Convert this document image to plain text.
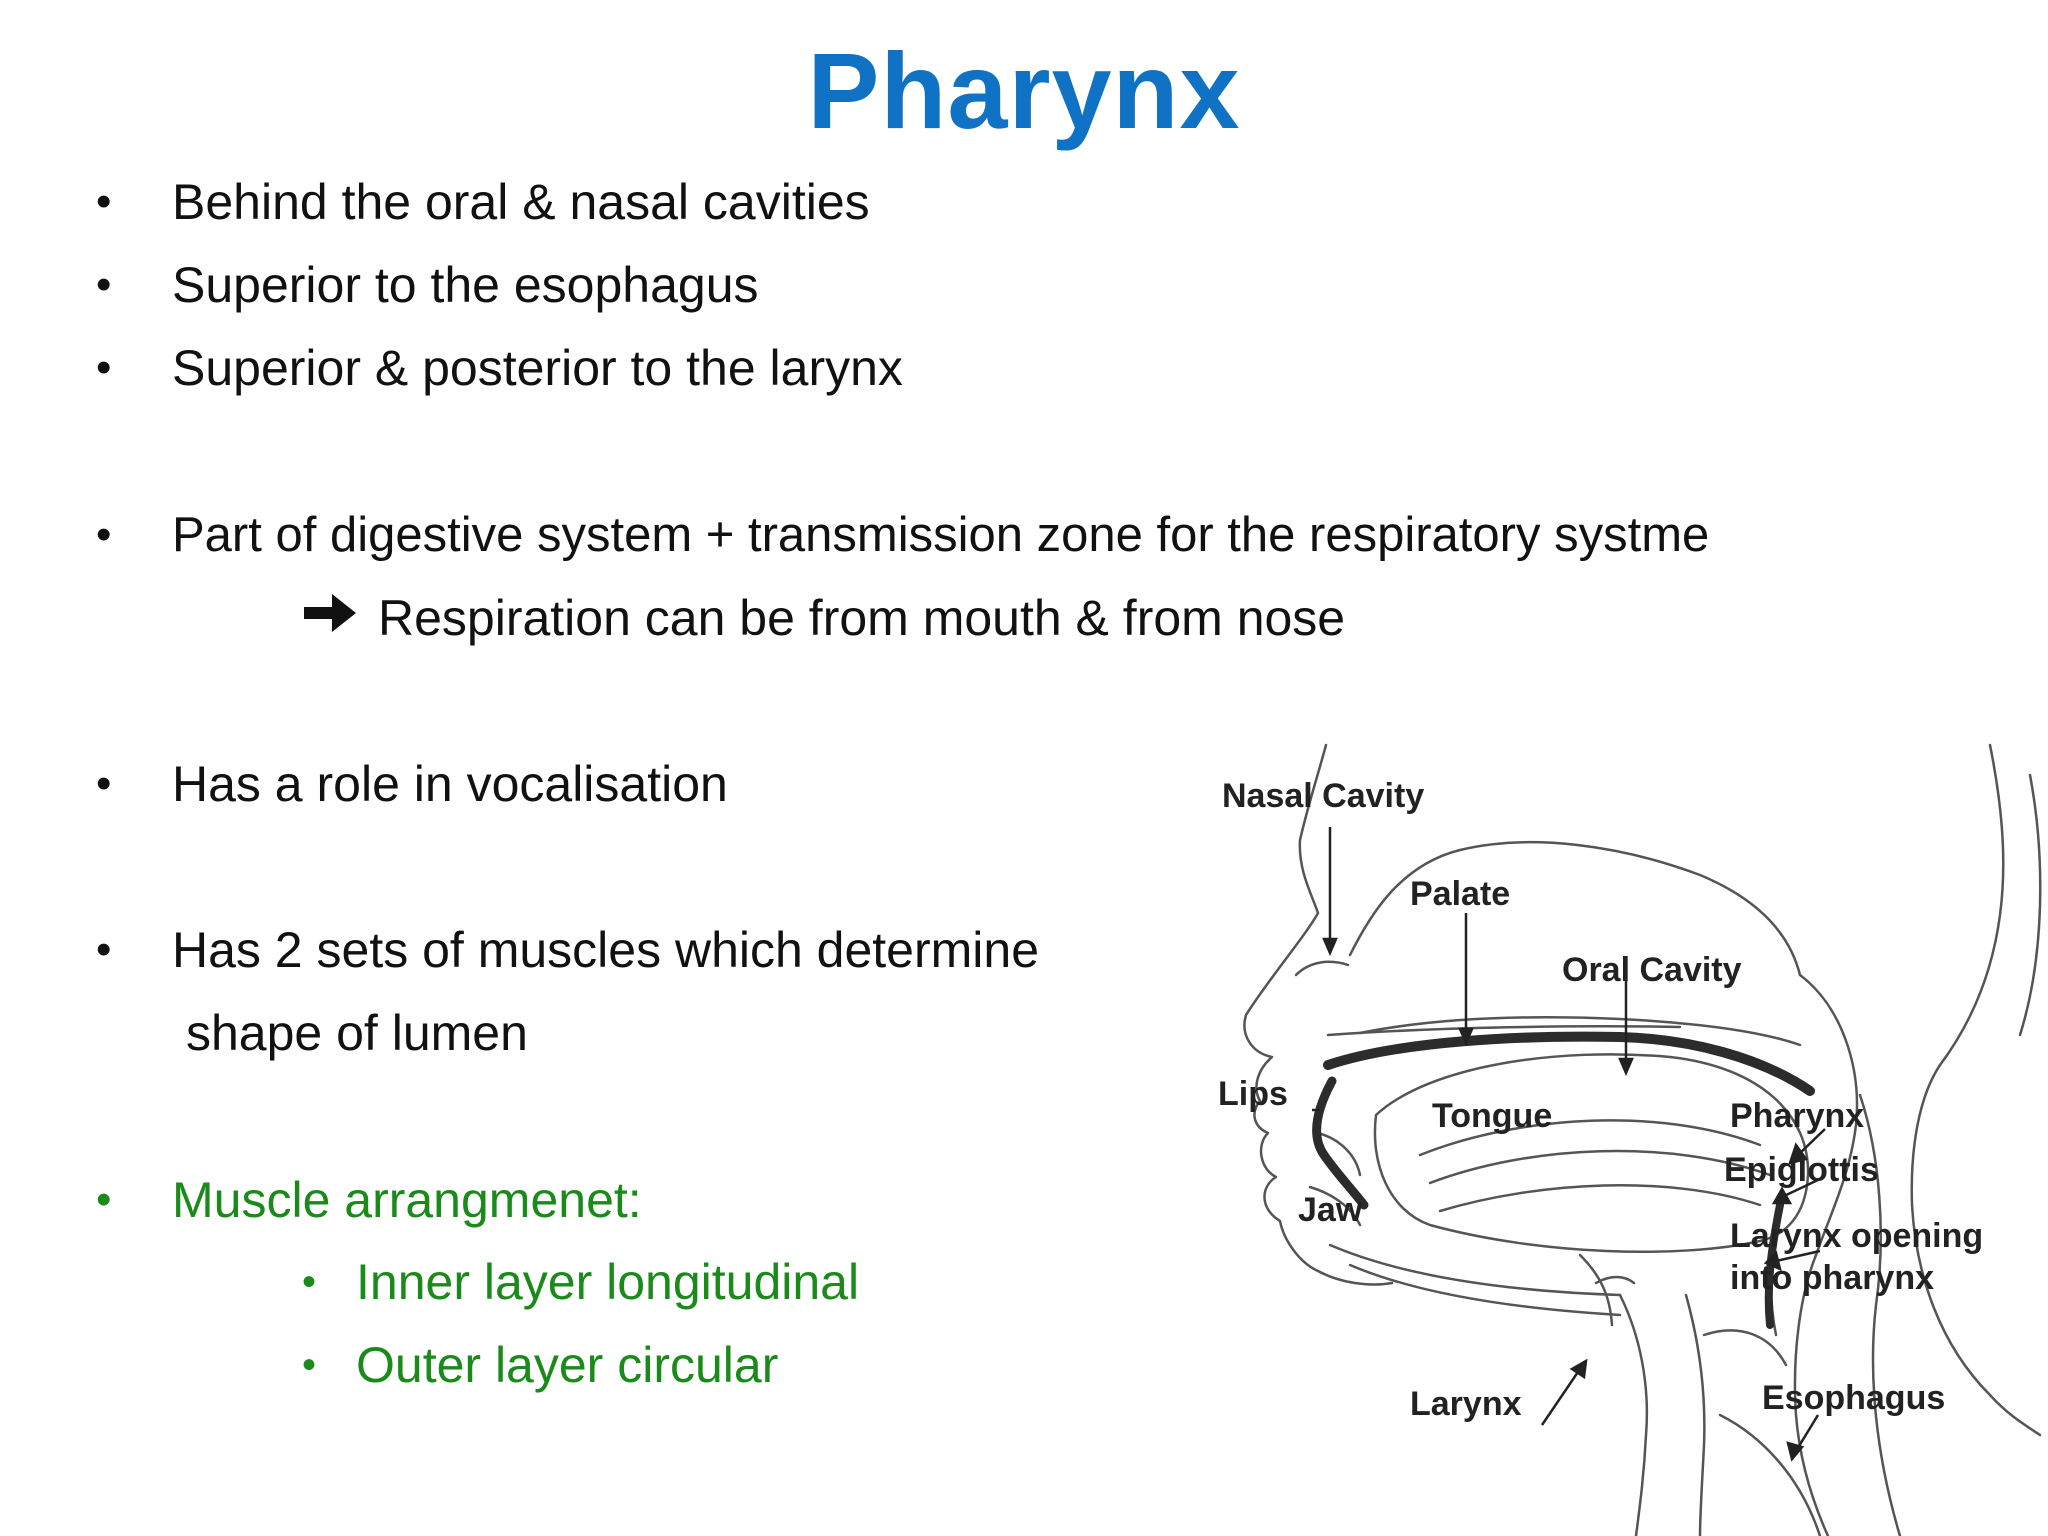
Pharynx
• Behind the oral & nasal cavities
• Superior to the esophagus
• Superior & posterior to the larynx
• Part of digestive system + transmission zone for the respiratory systme
Respiration can be from mouth & from nose
• Has a role in vocalisation
• Has 2 sets of muscles which determine
shape of lumen
• Muscle arrangmenet:
• Inner layer longitudinal
• Outer layer circular
Nasal Cavity
Palate
Oral Cavity
Lips
Tongue
Jaw
Pharynx
Epiglottis
Larynx opening
into pharynx
Larynx	Esophagus
